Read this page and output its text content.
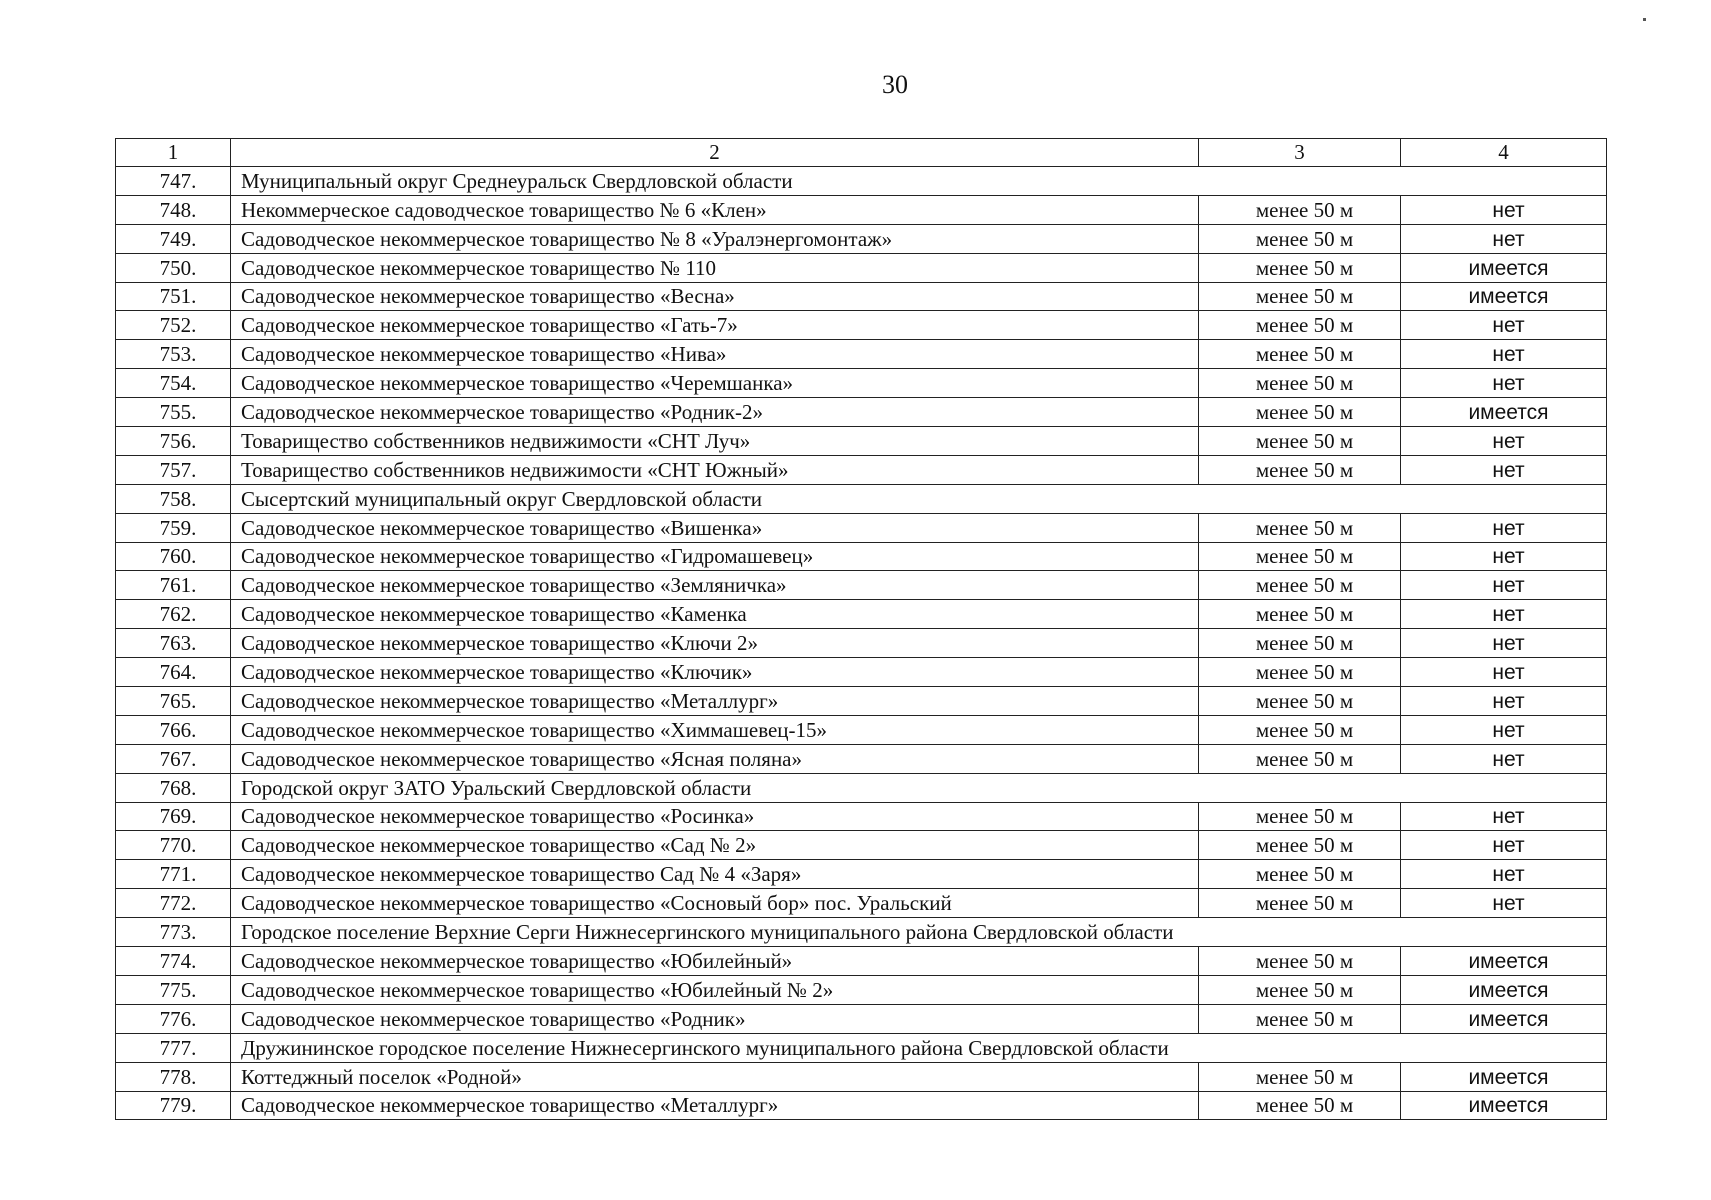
30
1	2	3	4
747.	Муниципальный округ Среднеуральск Свердловской области		
748.	Некоммерческое садоводческое товарищество № 6 «Клен»	менее 50 м	нет
749.	Садоводческое некоммерческое товарищество № 8 «Уралэнергомонтаж»	менее 50 м	нет
750.	Садоводческое некоммерческое товарищество № 110	менее 50 м	имеется
751.	Садоводческое некоммерческое товарищество «Весна»	менее 50 м	имеется
752.	Садоводческое некоммерческое товарищество «Гать-7»	менее 50 м	нет
753.	Садоводческое некоммерческое товарищество «Нива»	менее 50 м	нет
754.	Садоводческое некоммерческое товарищество «Черемшанка»	менее 50 м	нет
755.	Садоводческое некоммерческое товарищество «Родник-2»	менее 50 м	имеется
756.	Товарищество собственников недвижимости «СНТ Луч»	менее 50 м	нет
757.	Товарищество собственников недвижимости «СНТ Южный»	менее 50 м	нет
758.	Сысертский муниципальный округ Свердловской области		
759.	Садоводческое некоммерческое товарищество «Вишенка»	менее 50 м	нет
760.	Садоводческое некоммерческое товарищество «Гидромашевец»	менее 50 м	нет
761.	Садоводческое некоммерческое товарищество «Земляничка»	менее 50 м	нет
762.	Садоводческое некоммерческое товарищество «Каменка	менее 50 м	нет
763.	Садоводческое некоммерческое товарищество «Ключи 2»	менее 50 м	нет
764.	Садоводческое некоммерческое товарищество «Ключик»	менее 50 м	нет
765.	Садоводческое некоммерческое товарищество «Металлург»	менее 50 м	нет
766.	Садоводческое некоммерческое товарищество «Химмашевец-15»	менее 50 м	нет
767.	Садоводческое некоммерческое товарищество «Ясная поляна»	менее 50 м	нет
768.	Городской округ ЗАТО Уральский Свердловской области		
769.	Садоводческое некоммерческое товарищество «Росинка»	менее 50 м	нет
770.	Садоводческое некоммерческое товарищество «Сад № 2»	менее 50 м	нет
771.	Садоводческое некоммерческое товарищество Сад № 4 «Заря»	менее 50 м	нет
772.	Садоводческое некоммерческое товарищество «Сосновый бор» пос. Уральский	менее 50 м	нет
773.	Городское поселение Верхние Серги Нижнесергинского муниципального района Свердловской области		
774.	Садоводческое некоммерческое товарищество «Юбилейный»	менее 50 м	имеется
775.	Садоводческое некоммерческое товарищество «Юбилейный № 2»	менее 50 м	имеется
776.	Садоводческое некоммерческое товарищество «Родник»	менее 50 м	имеется
777.	Дружининское городское поселение Нижнесергинского муниципального района Свердловской области		
778.	Коттеджный поселок «Родной»	менее 50 м	имеется
779.	Садоводческое некоммерческое товарищество «Металлург»	менее 50 м	имеется
